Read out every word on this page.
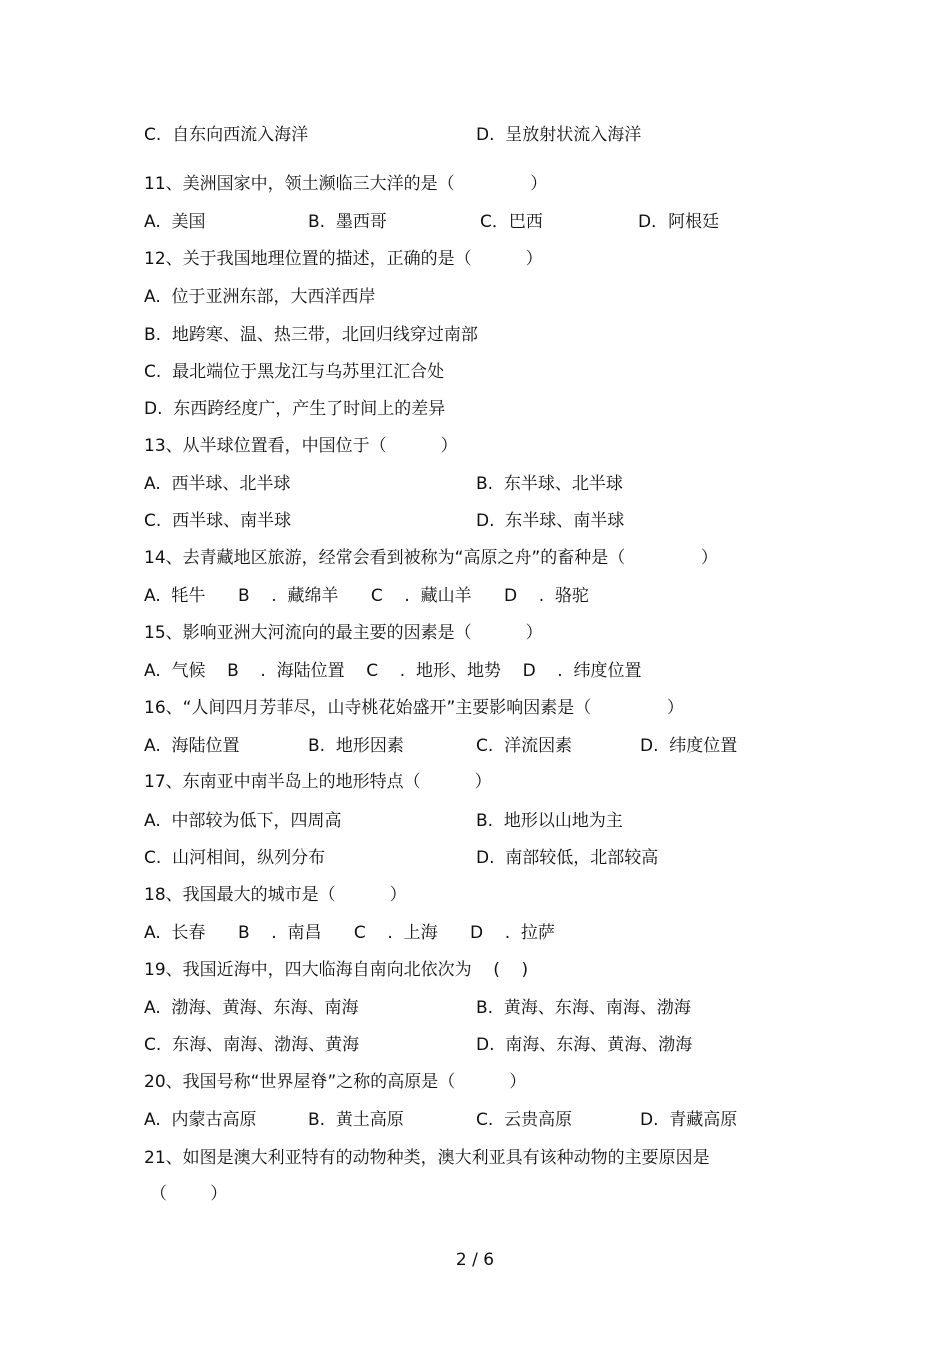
C.  自东向西流入海洋	D.  呈放射状流入海洋
11、美洲国家中，领土濒临三大洋的是（              ）
A.  美国	B.  墨西哥	C．巴西	D．阿根廷
12、关于我国地理位置的描述，正确的是（          ）
A.  位于亚洲东部，大西洋西岸
B.  地跨寒、温、热三带，北回归线穿过南部
C.  最北端位于黑龙江与乌苏里江汇合处
D.  东西跨经度广，产生了时间上的差异
13、从半球位置看，中国位于（          ）
A.  西半球、北半球	B.  东半球、北半球
C.  西半球、南半球	D.  东半球、南半球
14、去青藏地区旅游，经常会看到被称为“高原之舟”的畜种是（              ）
A.  牦牛      B    .  藏绵羊      C    .  藏山羊      D    .  骆驼
15、影响亚洲大河流向的最主要的因素是（          ）
A.  气候    B    .  海陆位置    C    .  地形、地势    D    .  纬度位置
16、“人间四月芳菲尽，山寺桃花始盛开”主要影响因素是（              ）
A.  海陆位置	B.  地形因素	C.  洋流因素	D.  纬度位置
17、东南亚中南半岛上的地形特点（          ）
A.  中部较为低下，四周高	B.  地形以山地为主
C.  山河相间，纵列分布	D.  南部较低，北部较高
18、我国最大的城市是（          ）
A.  长春      B    .  南昌      C    .  上海      D    .  拉萨
19、我国近海中，四大临海自南向北依次为    (    )
A.  渤海、黄海、东海、南海	B.  黄海、东海、南海、渤海
C.  东海、南海、渤海、黄海	D.  南海、东海、黄海、渤海
20、我国号称“世界屋脊”之称的高原是（          ）
A.  内蒙古高原	B.  黄土高原	C.  云贵高原	D.  青藏高原
21、如图是澳大利亚特有的动物种类，澳大利亚具有该种动物的主要原因是
（        ）
2 / 6
